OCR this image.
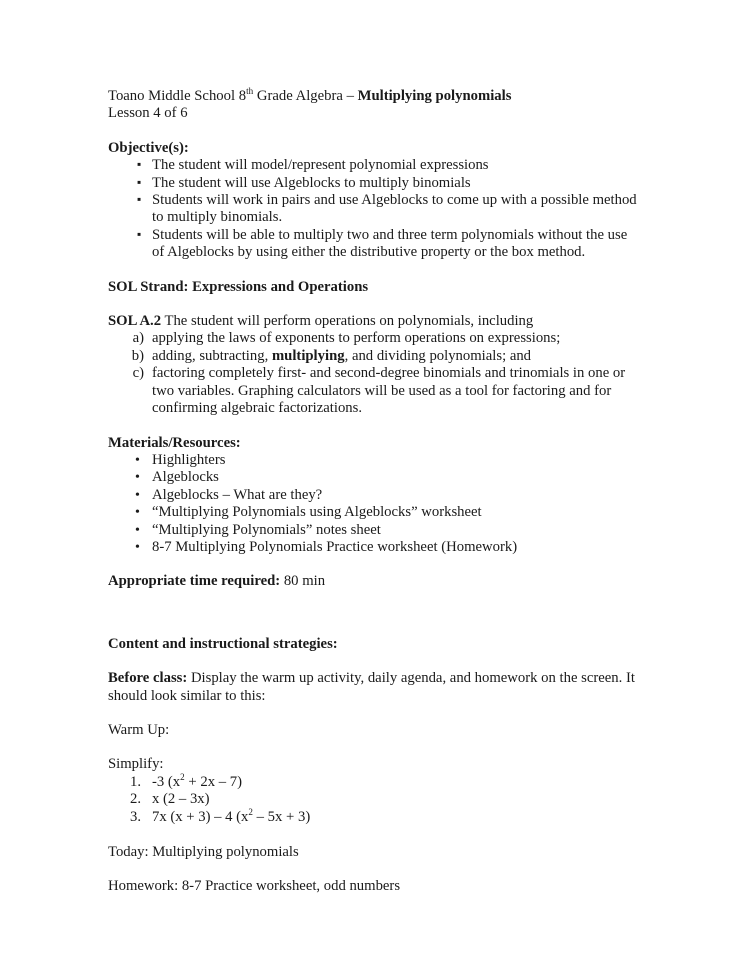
Toano Middle School 8th Grade Algebra – Multiplying polynomials
Lesson 4 of 6
Objective(s):
▪ The student will model/represent polynomial expressions
▪ The student will use Algeblocks to multiply binomials
▪ Students will work in pairs and use Algeblocks to come up with a possible method to multiply binomials.
▪ Students will be able to multiply two and three term polynomials without the use of Algeblocks by using either the distributive property or the box method.
SOL Strand: Expressions and Operations
SOL A.2 The student will perform operations on polynomials, including
applying the laws of exponents to perform operations on expressions;
adding, subtracting, multiplying, and dividing polynomials; and
factoring completely first- and second-degree binomials and trinomials in one or two variables. Graphing calculators will be used as a tool for factoring and for confirming algebraic factorizations.
Materials/Resources:
• Highlighters
• Algeblocks
• Algeblocks – What are they?
• “Multiplying Polynomials using Algeblocks” worksheet
• “Multiplying Polynomials” notes sheet
• 8-7 Multiplying Polynomials Practice worksheet (Homework)
Appropriate time required: 80 min
Content and instructional strategies:
Before class: Display the warm up activity, daily agenda, and homework on the screen. It should look similar to this:
Warm Up:
Simplify:
-3 $(x^2 + 2x - 7)$
x (2 – 3x)
7x (x + 3) – 4 $(x^2 - 5x + 3)$
Today: Multiplying polynomials
Homework: 8-7 Practice worksheet, odd numbers
